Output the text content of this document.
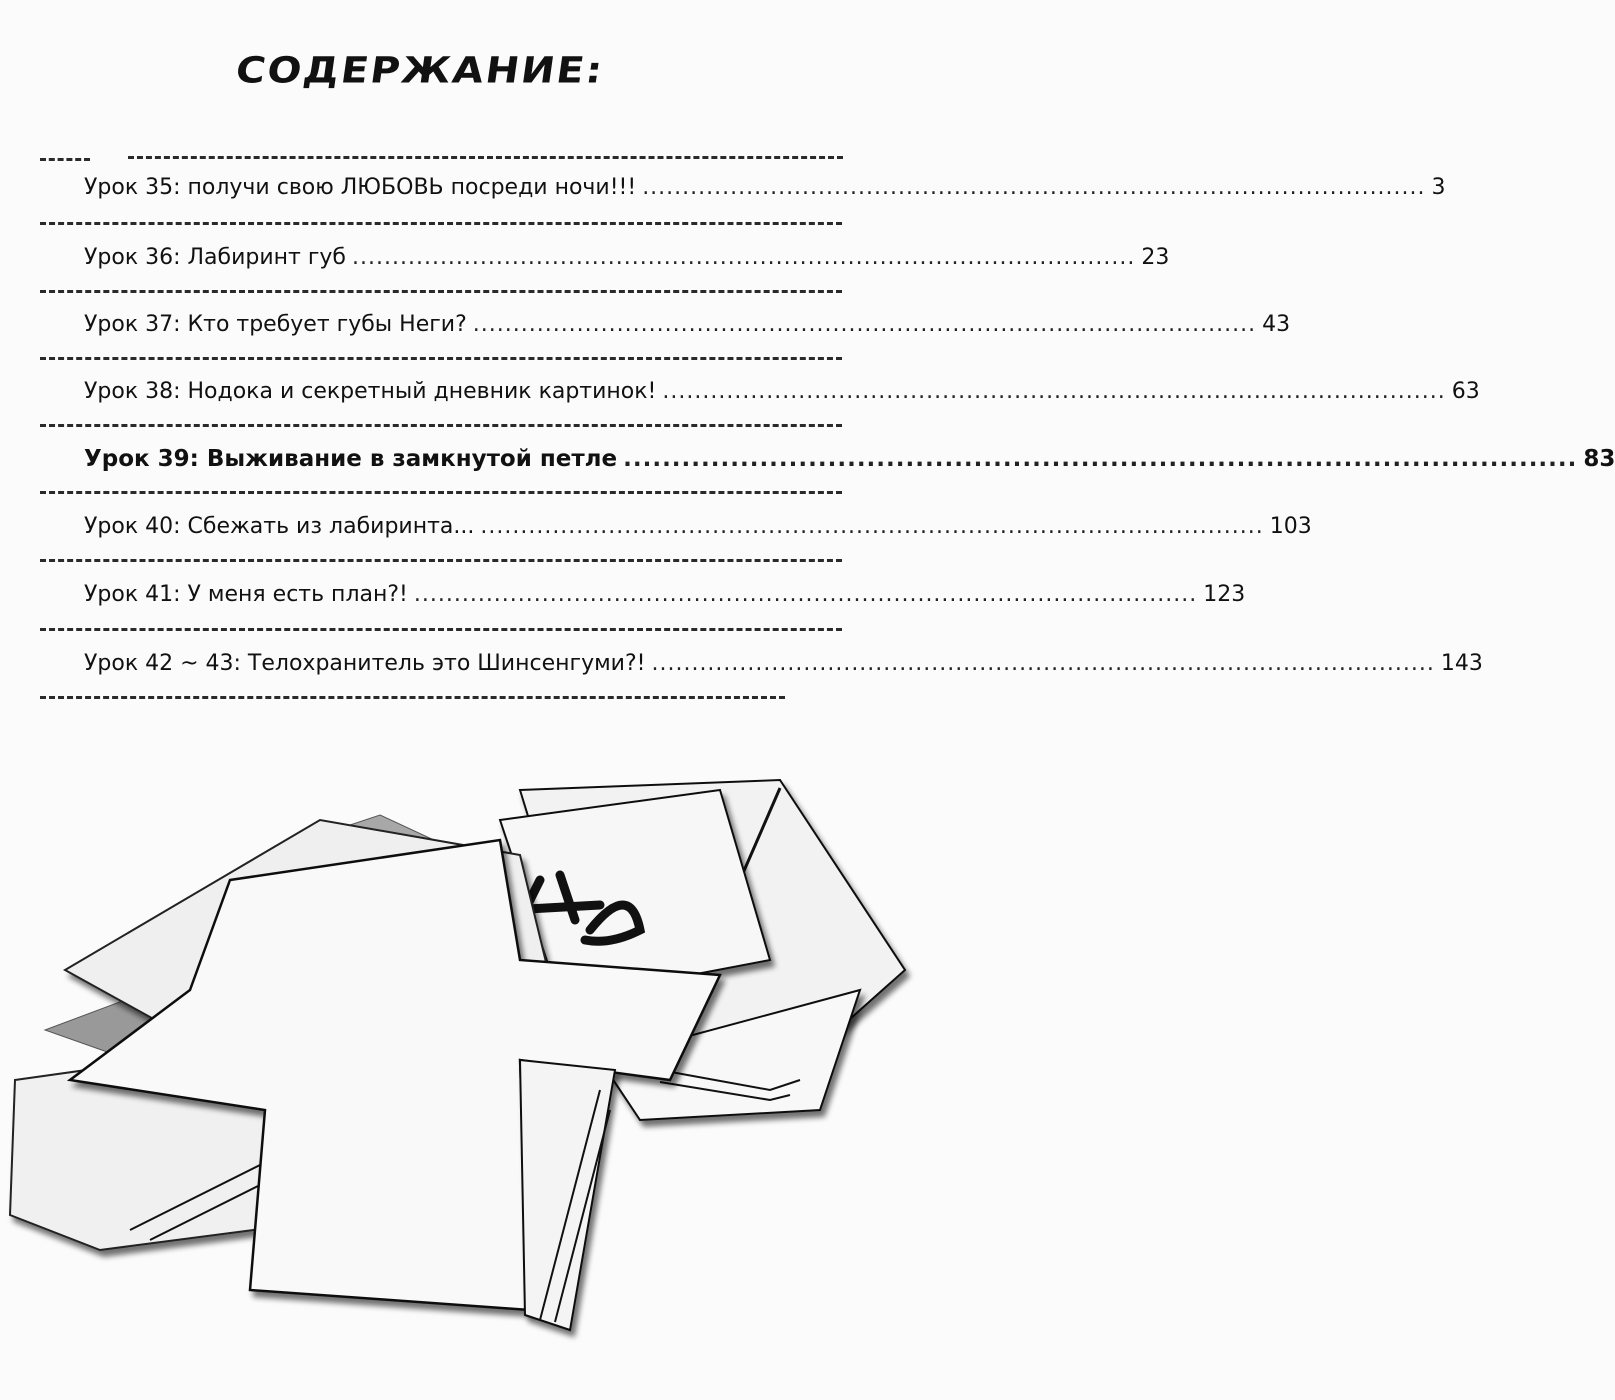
СОДЕРЖАНИЕ:
Урок 35: получи свою ЛЮБОВЬ посреди ночи!!! .................................................................................................. 3
Урок 36: Лабиринт губ .................................................................................................. 23
Урок 37: Кто требует губы Неги? .................................................................................................. 43
Урок 38: Нодока и секретный дневник картинок! .................................................................................................. 63
Урок 39: Выживание в замкнутой петле .................................................................................................. 83
Урок 40: Сбежать из лабиринта... .................................................................................................. 103
Урок 41: У меня есть план?! .................................................................................................. 123
Урок 42 ~ 43: Телохранитель это Шинсенгуми?! .................................................................................................. 143
